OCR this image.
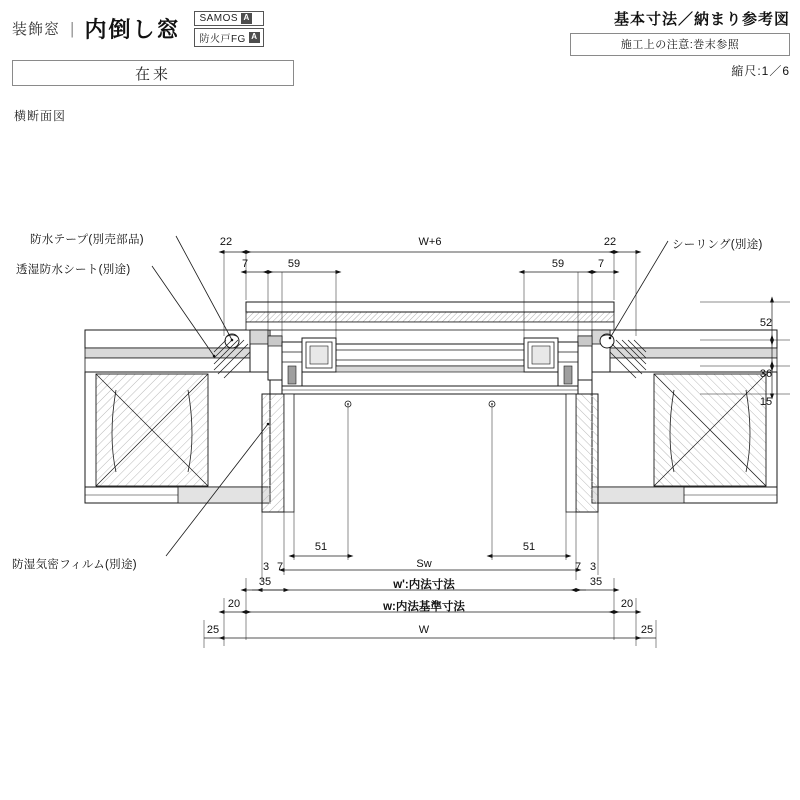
装飾窓 | 内倒し窓 SAMOS A
防火戸FG A
在来
横断面図
基本寸法／納まり参考図
施工上の注意:巻末参照
縮尺:1／6
防水テープ(別売部品)
透湿防水シート(別途)
防湿気密フィルム(別途)
シーリング(別途)
22	W+6	22
7	59	59	7
52
36
15
51	51
3 7	7 3
Sw
w':内法寸法
35	35
w:内法基準寸法
20	20
25	25
W
